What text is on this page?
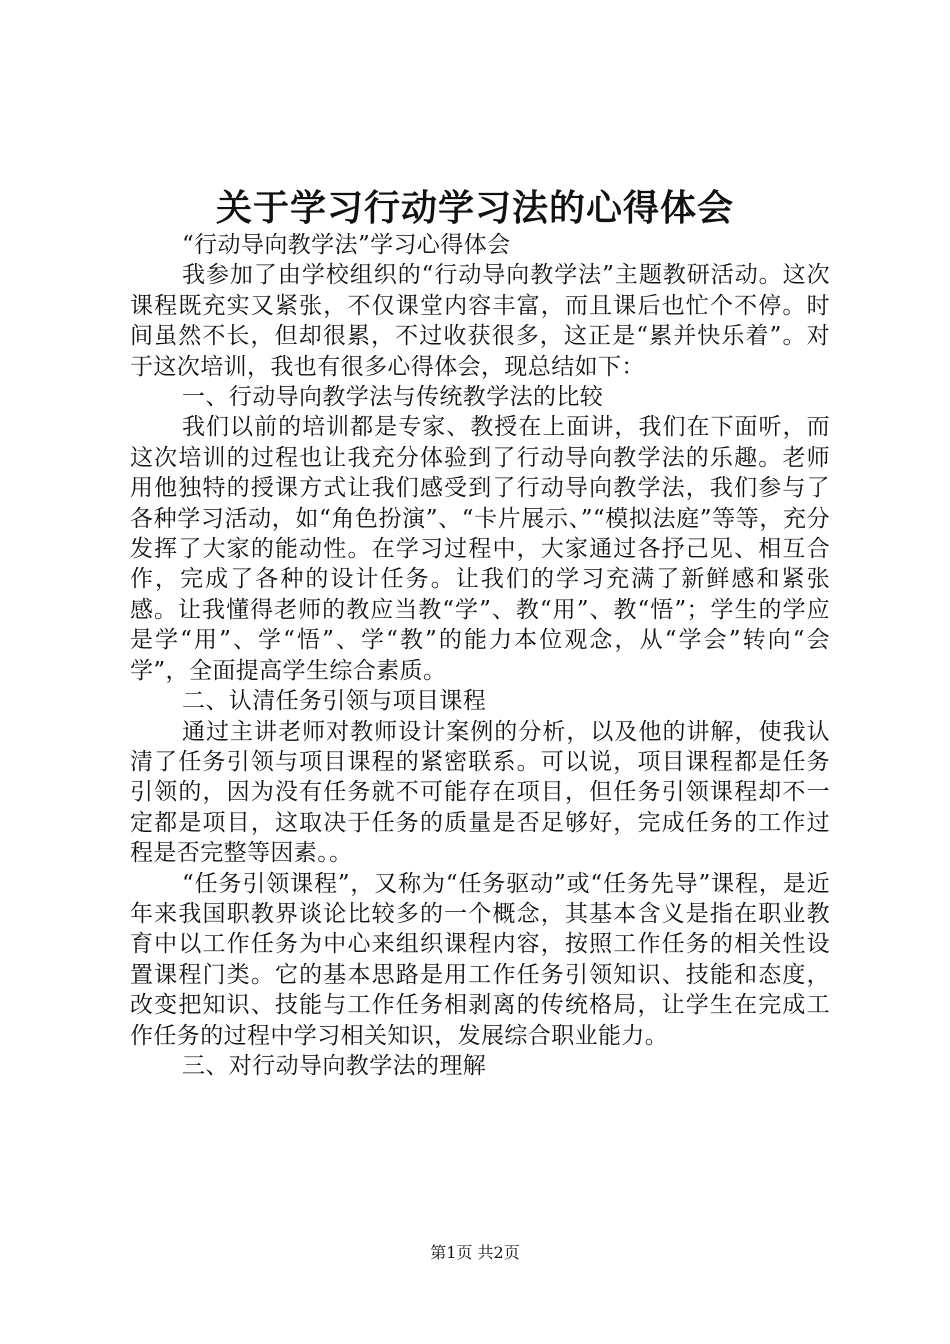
关于学习行动学习法的心得体会

“行动导向教学法”学习心得体会

我参加了由学校组织的“行动导向教学法”主题教研活动。这次课程既充实又紧张，不仅课堂内容丰富，而且课后也忙个不停。时间虽然不长，但却很累，不过收获很多，这正是“累并快乐着”。对于这次培训，我也有很多心得体会，现总结如下：

一、行动导向教学法与传统教学法的比较

我们以前的培训都是专家、教授在上面讲，我们在下面听，而这次培训的过程也让我充分体验到了行动导向教学法的乐趣。老师用他独特的授课方式让我们感受到了行动导向教学法，我们参与了各种学习活动，如“角色扮演”、“卡片展示、”“模拟法庭”等等，充分发挥了大家的能动性。在学习过程中，大家通过各抒己见、相互合作，完成了各种的设计任务。让我们的学习充满了新鲜感和紧张感。让我懂得老师的教应当教“学”、教“用”、教“悟”；学生的学应是学“用”、学“悟”、学“教”的能力本位观念，从“学会”转向“会学”，全面提高学生综合素质。

二、认清任务引领与项目课程

通过主讲老师对教师设计案例的分析，以及他的讲解，使我认清了任务引领与项目课程的紧密联系。可以说，项目课程都是任务引领的，因为没有任务就不可能存在项目，但任务引领课程却不一定都是项目，这取决于任务的质量是否足够好，完成任务的工作过程是否完整等因素。。

“任务引领课程”，又称为“任务驱动”或“任务先导”课程，是近年来我国职教界谈论比较多的一个概念，其基本含义是指在职业教育中以工作任务为中心来组织课程内容，按照工作任务的相关性设置课程门类。它的基本思路是用工作任务引领知识、技能和态度，改变把知识、技能与工作任务相剥离的传统格局，让学生在完成工作任务的过程中学习相关知识，发展综合职业能力。

三、对行动导向教学法的理解

第1页 共2页
